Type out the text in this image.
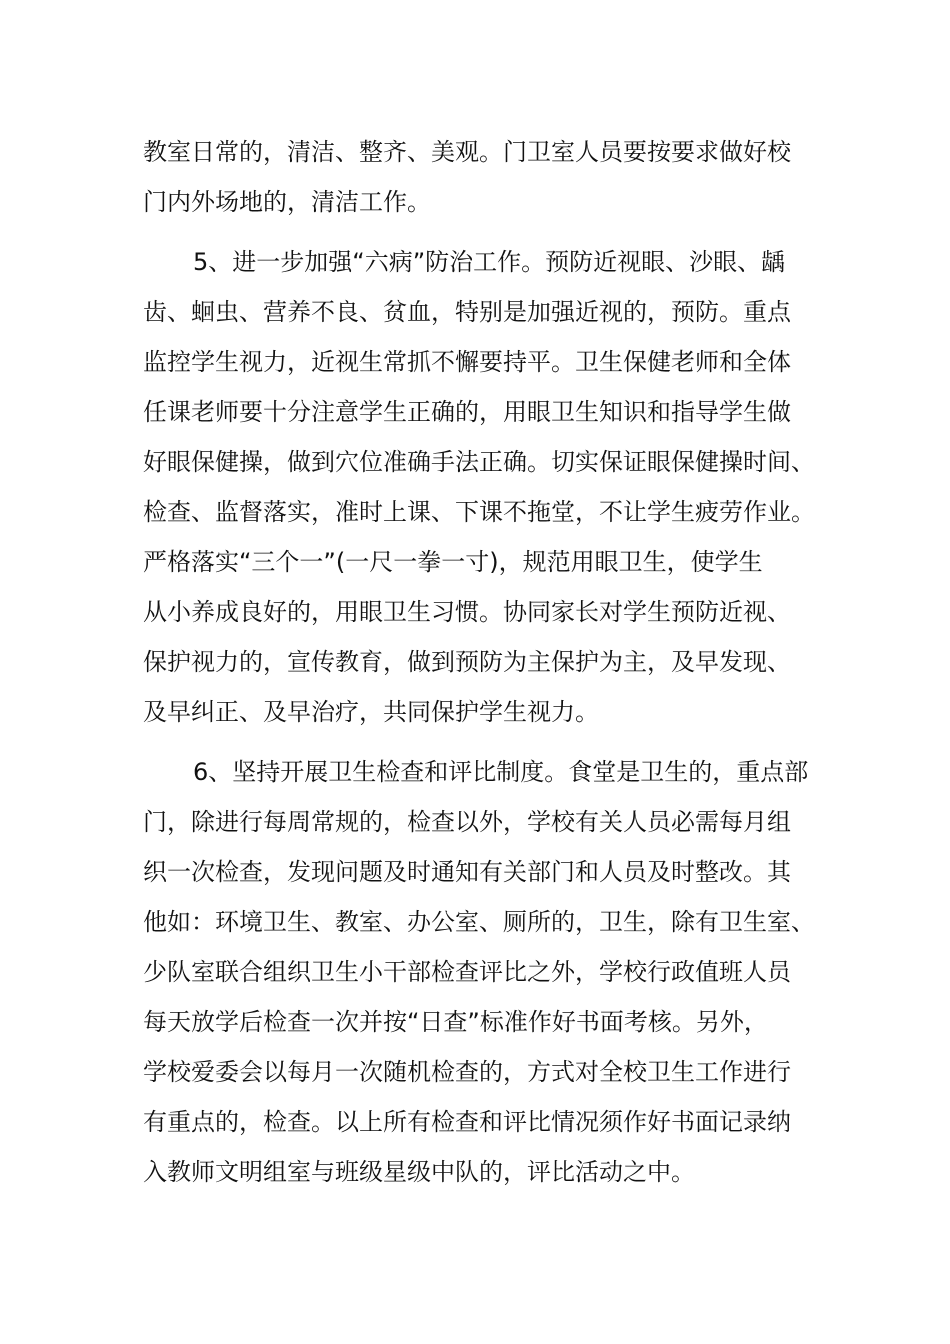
教室日常的，清洁、整齐、美观。门卫室人员要按要求做好校
门内外场地的，清洁工作。
5、进一步加强“六病”防治工作。预防近视眼、沙眼、龋
齿、蛔虫、营养不良、贫血，特别是加强近视的，预防。重点
监控学生视力，近视生常抓不懈要持平。卫生保健老师和全体
任课老师要十分注意学生正确的，用眼卫生知识和指导学生做
好眼保健操，做到穴位准确手法正确。切实保证眼保健操时间、
检查、监督落实，准时上课、下课不拖堂，不让学生疲劳作业。
严格落实“三个一”(一尺一拳一寸)，规范用眼卫生，使学生
从小养成良好的，用眼卫生习惯。协同家长对学生预防近视、
保护视力的，宣传教育，做到预防为主保护为主，及早发现、
及早纠正、及早治疗，共同保护学生视力。
6、坚持开展卫生检查和评比制度。食堂是卫生的，重点部
门，除进行每周常规的，检查以外，学校有关人员必需每月组
织一次检查，发现问题及时通知有关部门和人员及时整改。其
他如：环境卫生、教室、办公室、厕所的，卫生，除有卫生室、
少队室联合组织卫生小干部检查评比之外，学校行政值班人员
每天放学后检查一次并按“日查”标准作好书面考核。另外，
学校爱委会以每月一次随机检查的，方式对全校卫生工作进行
有重点的，检查。以上所有检查和评比情况须作好书面记录纳
入教师文明组室与班级星级中队的，评比活动之中。
